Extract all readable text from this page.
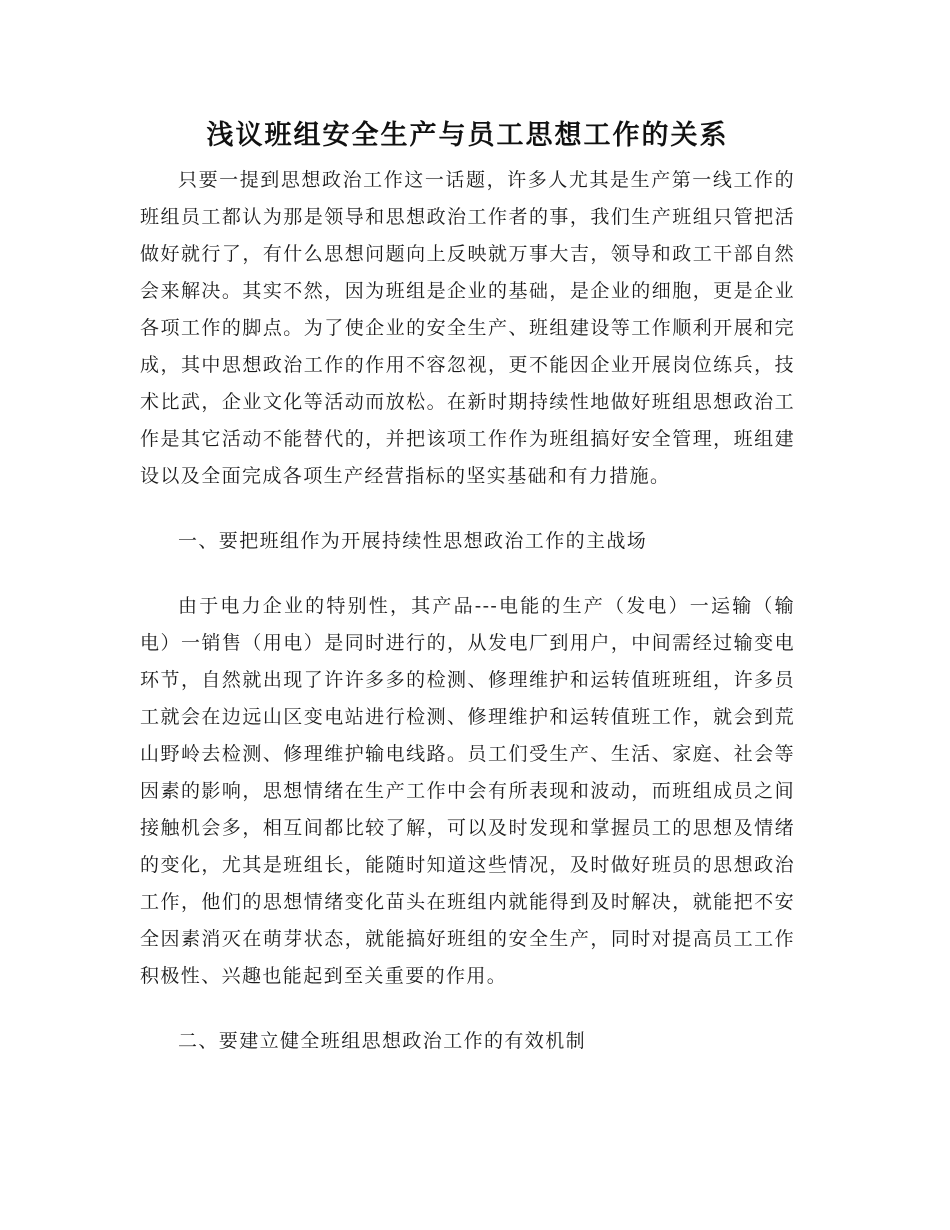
浅议班组安全生产与员工思想工作的关系

只要一提到思想政治工作这一话题，许多人尤其是生产第一线工作的班组员工都认为那是领导和思想政治工作者的事，我们生产班组只管把活做好就行了，有什么思想问题向上反映就万事大吉，领导和政工干部自然会来解决。其实不然，因为班组是企业的基础，是企业的细胞，更是企业各项工作的脚点。为了使企业的安全生产、班组建设等工作顺利开展和完成，其中思想政治工作的作用不容忽视，更不能因企业开展岗位练兵，技术比武，企业文化等活动而放松。在新时期持续性地做好班组思想政治工作是其它活动不能替代的，并把该项工作作为班组搞好安全管理，班组建设以及全面完成各项生产经营指标的坚实基础和有力措施。

一、要把班组作为开展持续性思想政治工作的主战场

由于电力企业的特别性，其产品---电能的生产（发电）一运输（输电）一销售（用电）是同时进行的，从发电厂到用户，中间需经过输变电环节，自然就出现了许许多多的检测、修理维护和运转值班班组，许多员工就会在边远山区变电站进行检测、修理维护和运转值班工作，就会到荒山野岭去检测、修理维护输电线路。员工们受生产、生活、家庭、社会等因素的影响，思想情绪在生产工作中会有所表现和波动，而班组成员之间接触机会多，相互间都比较了解，可以及时发现和掌握员工的思想及情绪的变化，尤其是班组长，能随时知道这些情况，及时做好班员的思想政治工作，他们的思想情绪变化苗头在班组内就能得到及时解决，就能把不安全因素消灭在萌芽状态，就能搞好班组的安全生产，同时对提高员工工作积极性、兴趣也能起到至关重要的作用。

二、要建立健全班组思想政治工作的有效机制
